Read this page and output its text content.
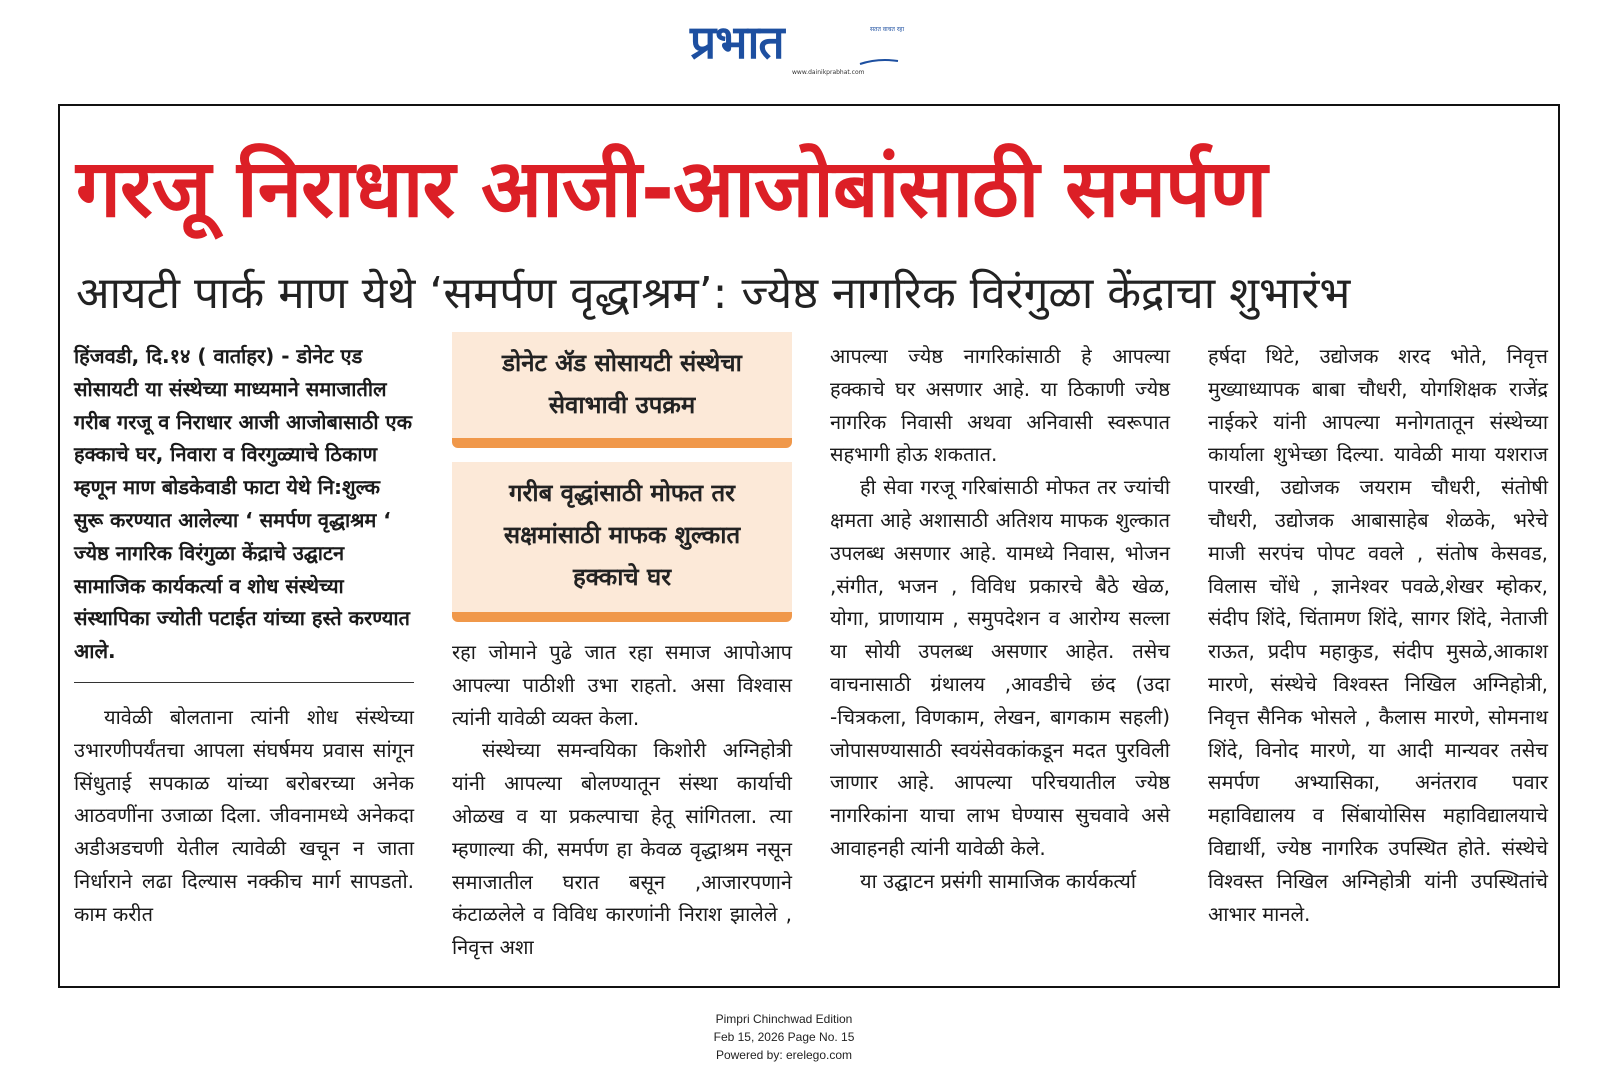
प्रभात	सतत वाचत रहा
www.dainikprabhat.com
गरजू निराधार आजी-आजोबांसाठी समर्पण
आयटी पार्क माण येथे ‘समर्पण वृद्धाश्रम’: ज्येष्ठ नागरिक विरंगुळा केंद्राचा शुभारंभ

हिंजवडी, दि.१४ ( वार्ताहर) - डोनेट एड सोसायटी या संस्थेच्या माध्यमाने समाजातील गरीब गरजू व निराधार आजी आजोबासाठी एक हक्काचे घर, निवारा व विरगुळ्याचे ठिकाण म्हणून माण बोडकेवाडी फाटा येथे नि:शुल्क सुरू करण्यात आलेल्या ‘ समर्पण वृद्धाश्रम ‘ ज्येष्ठ नागरिक विरंगुळा केंद्राचे उद्घाटन सामाजिक कार्यकर्त्या व शोध संस्थेच्या संस्थापिका ज्योती पटाईत यांच्या हस्ते करण्यात आले.

यावेळी बोलताना त्यांनी शोध संस्थेच्या उभारणीपर्यंतचा आपला संघर्षमय प्रवास सांगून सिंधुताई सपकाळ यांच्या बरोबरच्या अनेक आठवणींना उजाळा दिला. जीवनामध्ये अनेकदा अडीअडचणी येतील त्यावेळी खचून न जाता निर्धाराने लढा दिल्यास नक्कीच मार्ग सापडतो. काम करीत

डोनेट ॲड सोसायटी संस्थेचा सेवाभावी उपक्रम
गरीब वृद्धांसाठी मोफत तर सक्षमांसाठी माफक शुल्कात हक्काचे घर

रहा जोमाने पुढे जात रहा समाज आपोआप आपल्या पाठीशी उभा राहतो. असा विश्वास त्यांनी यावेळी व्यक्त केला.

संस्थेच्या समन्वयिका किशोरी अग्निहोत्री यांनी आपल्या बोलण्यातून संस्था कार्याची ओळख व या प्रकल्पाचा हेतू सांगितला. त्या म्हणाल्या की, समर्पण हा केवळ वृद्धाश्रम नसून समाजातील घरात बसून ,आजारपणाने कंटाळलेले व विविध कारणांनी निराश झालेले , निवृत्त अशा

आपल्या ज्येष्ठ नागरिकांसाठी हे आपल्या हक्काचे घर असणार आहे. या ठिकाणी ज्येष्ठ नागरिक निवासी अथवा अनिवासी स्वरूपात सहभागी होऊ शकतात.

ही सेवा गरजू गरिबांसाठी मोफत तर ज्यांची क्षमता आहे अशासाठी अतिशय माफक शुल्कात उपलब्ध असणार आहे. यामध्ये निवास, भोजन ,संगीत, भजन , विविध प्रकारचे बैठे खेळ, योगा, प्राणायाम , समुपदेशन व आरोग्य सल्ला या सोयी उपलब्ध असणार आहेत. तसेच वाचनासाठी ग्रंथालय ,आवडीचे छंद (उदा -चित्रकला, विणकाम, लेखन, बागकाम सहली) जोपासण्यासाठी स्वयंसेवकांकडून मदत पुरविली जाणार आहे. आपल्या परिचयातील ज्येष्ठ नागरिकांना याचा लाभ घेण्यास सुचवावे असे आवाहनही त्यांनी यावेळी केले.

या उद्घाटन प्रसंगी सामाजिक कार्यकर्त्या

हर्षदा थिटे, उद्योजक शरद भोते, निवृत्त मुख्याध्यापक बाबा चौधरी, योगशिक्षक राजेंद्र नाईकरे यांनी आपल्या मनोगतातून संस्थेच्या कार्याला शुभेच्छा दिल्या. यावेळी माया यशराज पारखी, उद्योजक जयराम चौधरी, संतोषी चौधरी, उद्योजक आबासाहेब शेळके, भरेचे माजी सरपंच पोपट ववले , संतोष केसवड, विलास चोंधे , ज्ञानेश्वर पवळे,शेखर म्होकर, संदीप शिंदे, चिंतामण शिंदे, सागर शिंदे, नेताजी राऊत, प्रदीप महाकुड, संदीप मुसळे,आकाश मारणे, संस्थेचे विश्वस्त निखिल अग्निहोत्री, निवृत्त सैनिक भोसले , कैलास मारणे, सोमनाथ शिंदे, विनोद मारणे, या आदी मान्यवर तसेच समर्पण अभ्यासिका, अनंतराव पवार महाविद्यालय व सिंबायोसिस महाविद्यालयाचे विद्यार्थी, ज्येष्ठ नागरिक उपस्थित होते. संस्थेचे विश्वस्त निखिल अग्निहोत्री यांनी उपस्थितांचे आभार मानले.

Pimpri Chinchwad Edition
Feb 15, 2026 Page No. 15
Powered by: erelego.com
